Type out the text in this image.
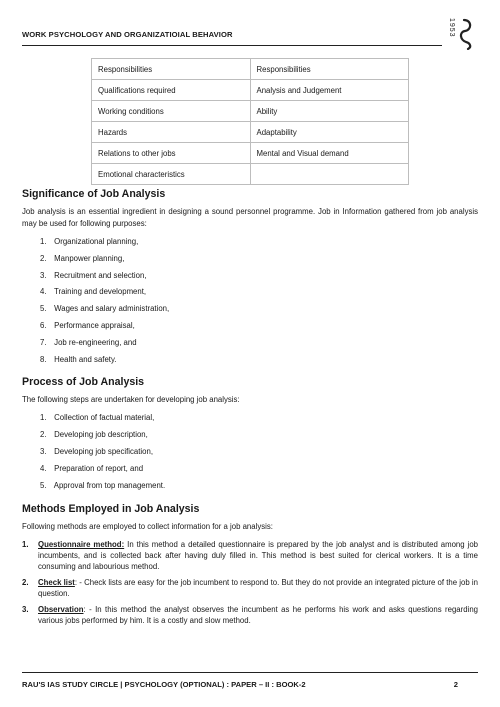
WORK PSYCHOLOGY AND ORGANIZATIOIAL BEHAVIOR	1953
Responsibilities	Responsibilities
Qualifications required	Analysis and Judgement
Working conditions	Ability
Hazards	Adaptability
Relations to other jobs	Mental and Visual demand
Emotional characteristics	
Significance of Job Analysis

Job analysis is an essential ingredient in designing a sound personnel programme. Job in Information gathered from job analysis may be used for following purposes:

1. Organizational planning,
2. Manpower planning,
3. Recruitment and selection,
4. Training and development,
5. Wages and salary administration,
6. Performance appraisal,
7. Job re-engineering, and
8. Health and safety.
Process of Job Analysis

The following steps are undertaken for developing job analysis:

1. Collection of factual material,
2. Developing job description,
3. Developing job specification,
4. Preparation of report, and
5. Approval from top management.
Methods Employed in Job Analysis

Following methods are employed to collect information for a job analysis:

1. Questionnaire method: In this method a detailed questionnaire is prepared by the job analyst and is distributed among job incumbents, and is collected back after having duly filled in. This method is best suited for clerical workers. It is a time consuming and labourious method.
2. Check list: - Check lists are easy for the job incumbent to respond to. But they do not provide an integrated picture of the job in question.
3. Observation: - In this method the analyst observes the incumbent as he performs his work and asks questions regarding various jobs performed by him. It is a costly and slow method.
RAU'S IAS STUDY CIRCLE | PSYCHOLOGY (OPTIONAL) : PAPER – II : BOOK-2	2
